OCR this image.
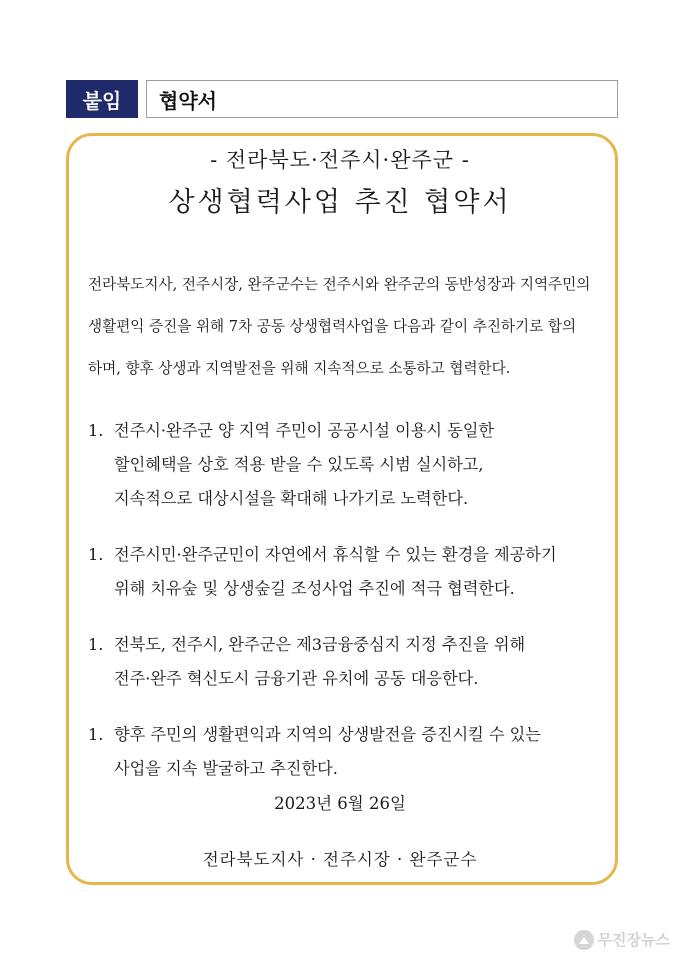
붙임	협약서
- 전라북도·전주시·완주군 -
상생협력사업 추진 협약서
전라북도지사, 전주시장, 완주군수는 전주시와 완주군의 동반성장과 지역주민의
생활편익 증진을 위해 7차 공동 상생협력사업을 다음과 같이 추진하기로 합의
하며, 향후 상생과 지역발전을 위해 지속적으로 소통하고 협력한다.
1. 전주시·완주군 양 지역 주민이 공공시설 이용시 동일한
할인혜택을 상호 적용 받을 수 있도록 시범 실시하고,
지속적으로 대상시설을 확대해 나가기로 노력한다.
1. 전주시민·완주군민이 자연에서 휴식할 수 있는 환경을 제공하기
위해 치유숲 및 상생숲길 조성사업 추진에 적극 협력한다.
1. 전북도, 전주시, 완주군은 제3금융중심지 지정 추진을 위해
전주·완주 혁신도시 금융기관 유치에 공동 대응한다.
1. 향후 주민의 생활편익과 지역의 상생발전을 증진시킬 수 있는
사업을 지속 발굴하고 추진한다.
2023년 6월 26일
전라북도지사 · 전주시장 · 완주군수
무진장뉴스
